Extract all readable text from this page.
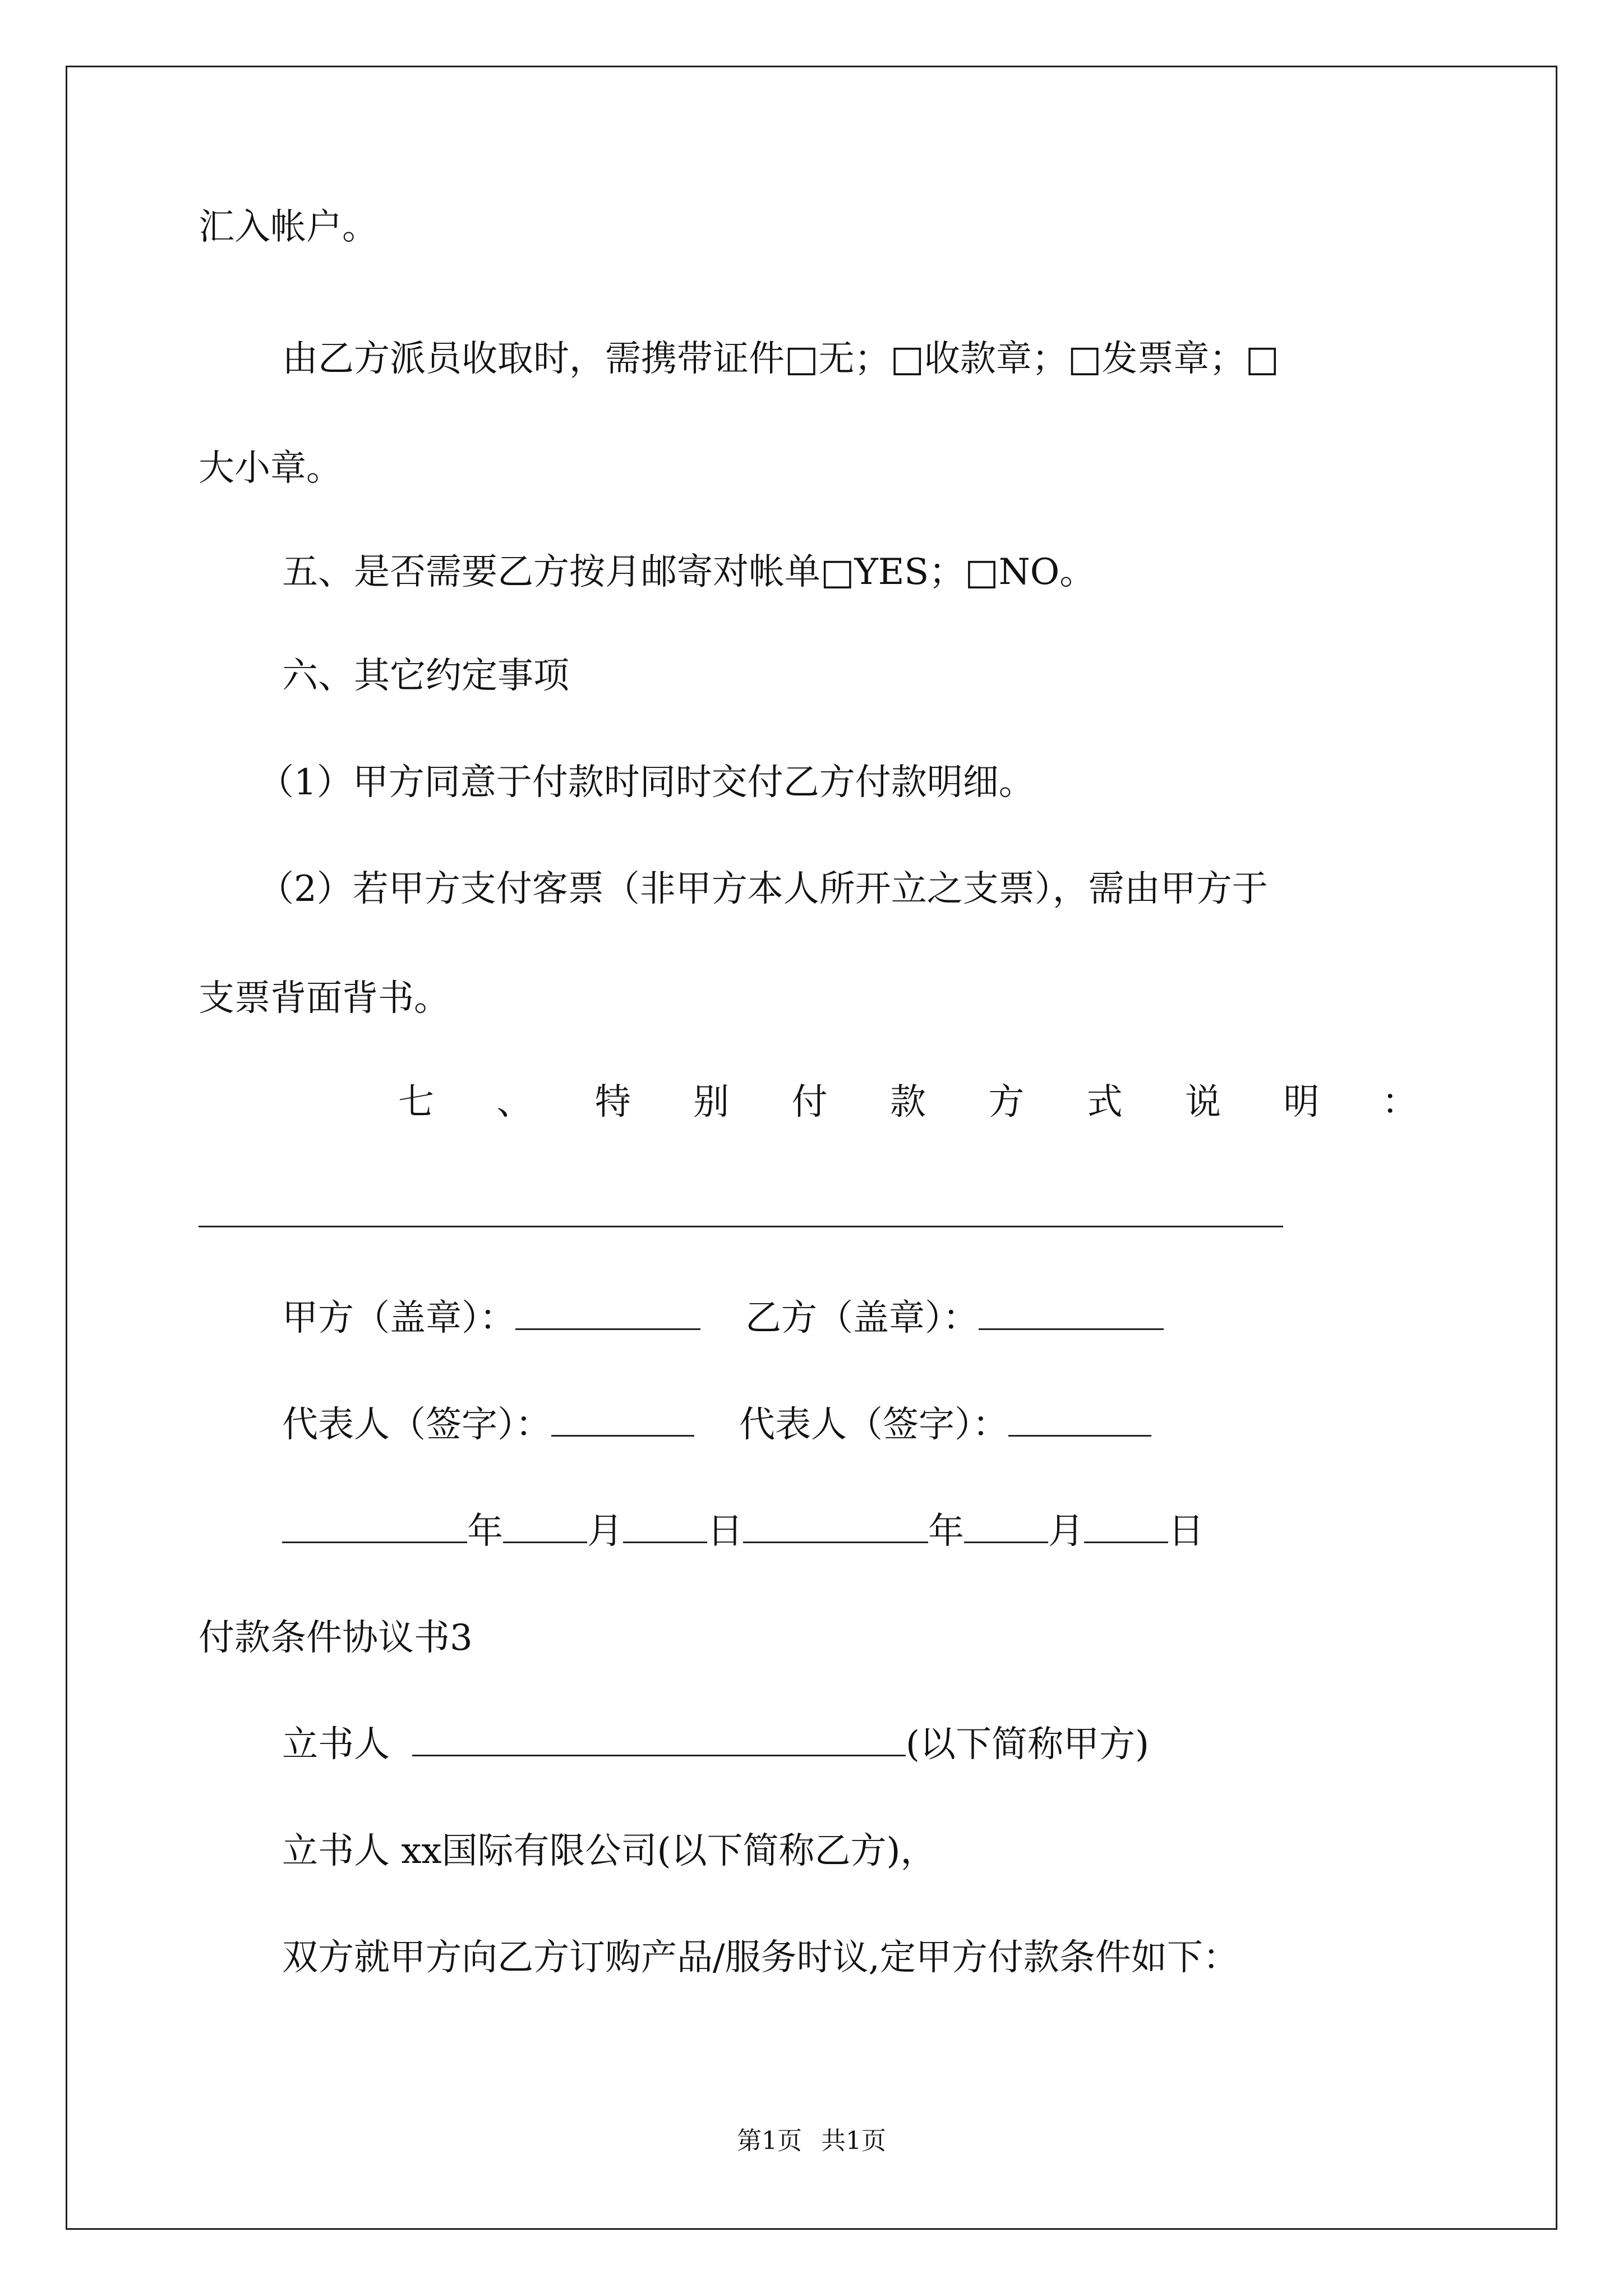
汇入帐户。
由乙方派员收取时，需携带证件□无；□收款章；□发票章；□
大小章。
五、是否需要乙方按月邮寄对帐单□YES；□NO。
六、其它约定事项
（1）甲方同意于付款时同时交付乙方付款明细。
（2）若甲方支付客票（非甲方本人所开立之支票），需由甲方于
支票背面背书。
七 、 特 别 付 款 方 式 说 明 ：
甲方（盖章）：	乙方（盖章）：
代表人（签字）：	代表人（签字）：
年 月 日	年 月 日
付款条件协议书3
立书人	(以下简称甲方)
立书人 xx国际有限公司(以下简称乙方)，
双方就甲方向乙方订购产品/服务时议,定甲方付款条件如下：
第1页 共1页
